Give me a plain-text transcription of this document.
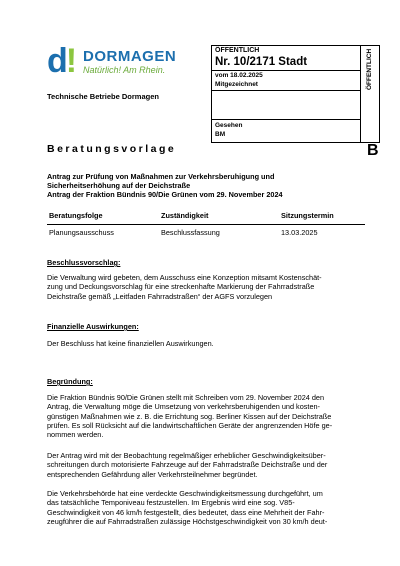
d! DORMAGEN
Natürlich! Am Rhein.
Technische Betriebe Dormagen
ÖFFENTLICH
Nr. 10/2171 Stadt
vom 18.02.2025
Mitgezeichnet
Gesehen
BM
ÖFFENTLICH
Beratungsvorlage	B
Antrag zur Prüfung von Maßnahmen zur Verkehrsberuhigung und
Sicherheitserhöhung auf der Deichstraße
Antrag der Fraktion Bündnis 90/Die Grünen vom 29. November 2024
Beratungsfolge	Zuständigkeit	Sitzungstermin
Planungsausschuss	Beschlussfassung	13.03.2025
Beschlussvorschlag:

Die Verwaltung wird gebeten, dem Ausschuss eine Konzeption mitsamt Kostenschät-

zung und Deckungsvorschlag für eine streckenhafte Markierung der Fahrradstraße

Deichstraße gemäß „Leitfaden Fahrradstraßen“ der AGFS vorzulegen

Finanzielle Auswirkungen:
Der Beschluss hat keine finanziellen Auswirkungen.
Begründung:

Die Fraktion Bündnis 90/Die Grünen stellt mit Schreiben vom 29. November 2024 den

Antrag, die Verwaltung möge die Umsetzung von verkehrsberuhigenden und kosten-

günstigen Maßnahmen wie z. B. die Errichtung sog. Berliner Kissen auf der Deichstraße

prüfen. Es soll Rücksicht auf die landwirtschaftlichen Geräte der angrenzenden Höfe ge-

nommen werden.

Der Antrag wird mit der Beobachtung regelmäßiger erheblicher Geschwindigkeitsüber-

schreitungen durch motorisierte Fahrzeuge auf der Fahrradstraße Deichstraße und der

entsprechenden Gefährdung aller Verkehrsteilnehmer begründet.

Die Verkehrsbehörde hat eine verdeckte Geschwindigkeitsmessung durchgeführt, um

das tatsächliche Temponiveau festzustellen. Im Ergebnis wird eine sog. V85-

Geschwindigkeit von 46 km/h festgestellt, dies bedeutet, dass eine Mehrheit der Fahr-

zeugführer die auf Fahrradstraßen zulässige Höchstgeschwindigkeit von 30 km/h deut-
